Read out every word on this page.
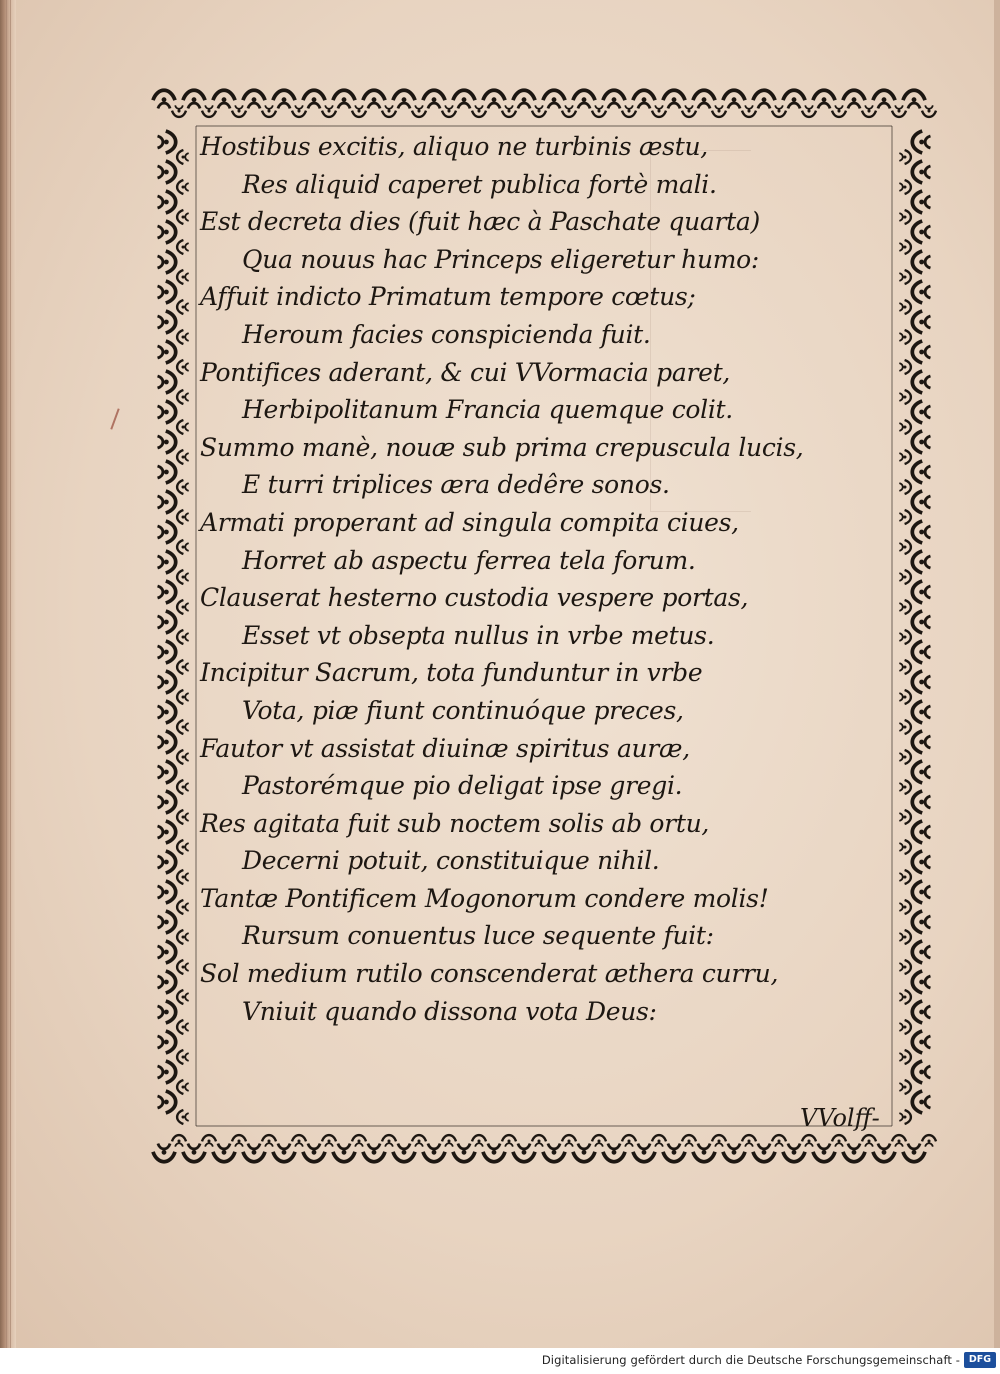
Hostibus excitis, aliquo ne turbinis æstu,
Res aliquid caperet publica fortè mali.
Est decreta dies (fuit hæc à Paschate quarta)
Qua nouus hac Princeps eligeretur humo:
Affuit indicto Primatum tempore cœtus;
Heroum facies conspicienda fuit.
Pontifices aderant, & cui VVormacia paret,
Herbipolitanum Francia quemque colit.
Summo manè, nouæ sub prima crepuscula lucis,
E turri triplices æra dedêre sonos.
Armati properant ad singula compita ciues,
Horret ab aspectu ferrea tela forum.
Clauserat hesterno custodia vespere portas,
Esset vt obsepta nullus in vrbe metus.
Incipitur Sacrum, tota funduntur in vrbe
Vota, piæ fiunt continuóque preces,
Fautor vt assistat diuinæ spiritus auræ,
Pastorémque pio deligat ipse gregi.
Res agitata fuit sub noctem solis ab ortu,
Decerni potuit, constituique nihil.
Tantæ Pontificem Mogonorum condere molis!
Rursum conuentus luce sequente fuit:
Sol medium rutilo conscenderat æthera curru,
Vniuit quando dissona vota Deus:
VVolff-
Digitalisierung gefördert durch die Deutsche Forschungsgemeinschaft - DFG
